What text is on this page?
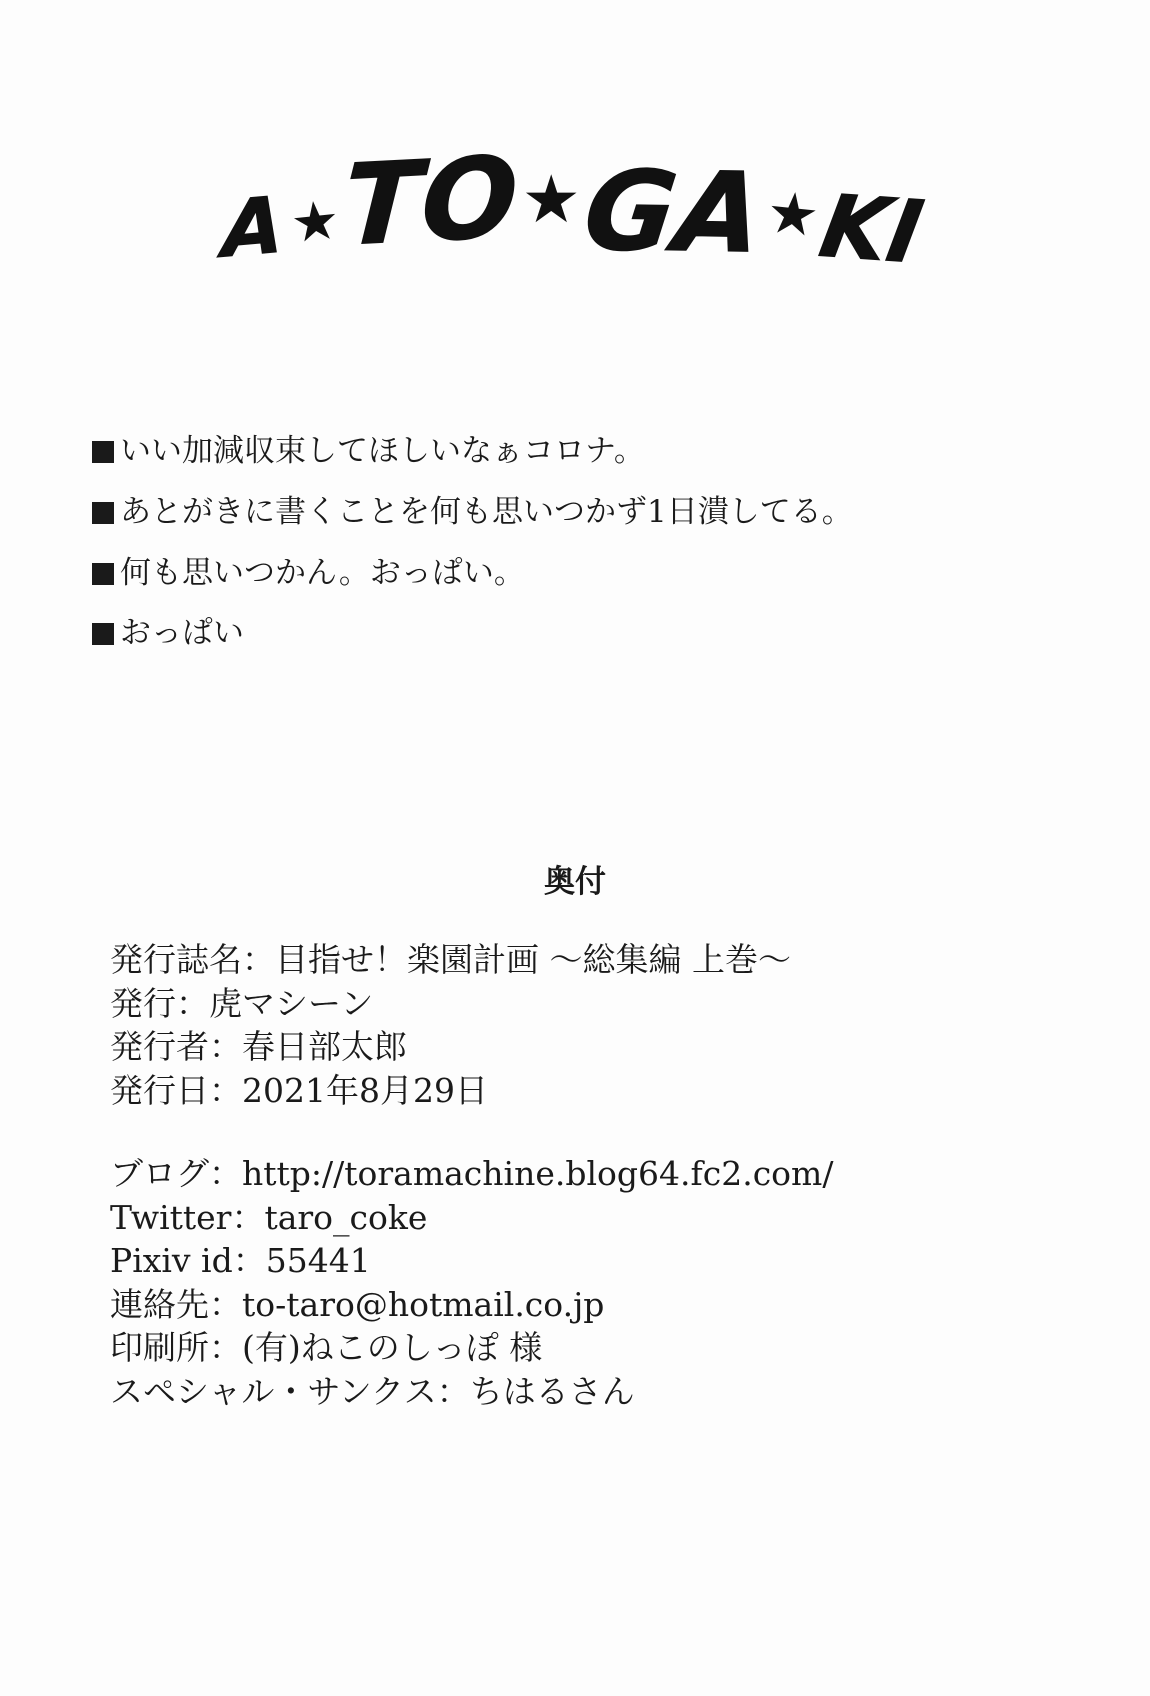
A ★
TO ★
GA
★
KI
いい加減収束してほしいなぁコロナ。
あとがきに書くことを何も思いつかず1日潰してる。
何も思いつかん。おっぱい。
おっぱい
奥付
発行誌名：目指せ！楽園計画 ～総集編 上巻～
発行：虎マシーン
発行者：春日部太郎
発行日：2021年8月29日
ブログ：http://toramachine.blog64.fc2.com/
Twitter：taro_coke
Pixiv id：55441
連絡先：to-taro@hotmail.co.jp
印刷所：(有)ねこのしっぽ 様
スペシャル・サンクス：ちはるさん
